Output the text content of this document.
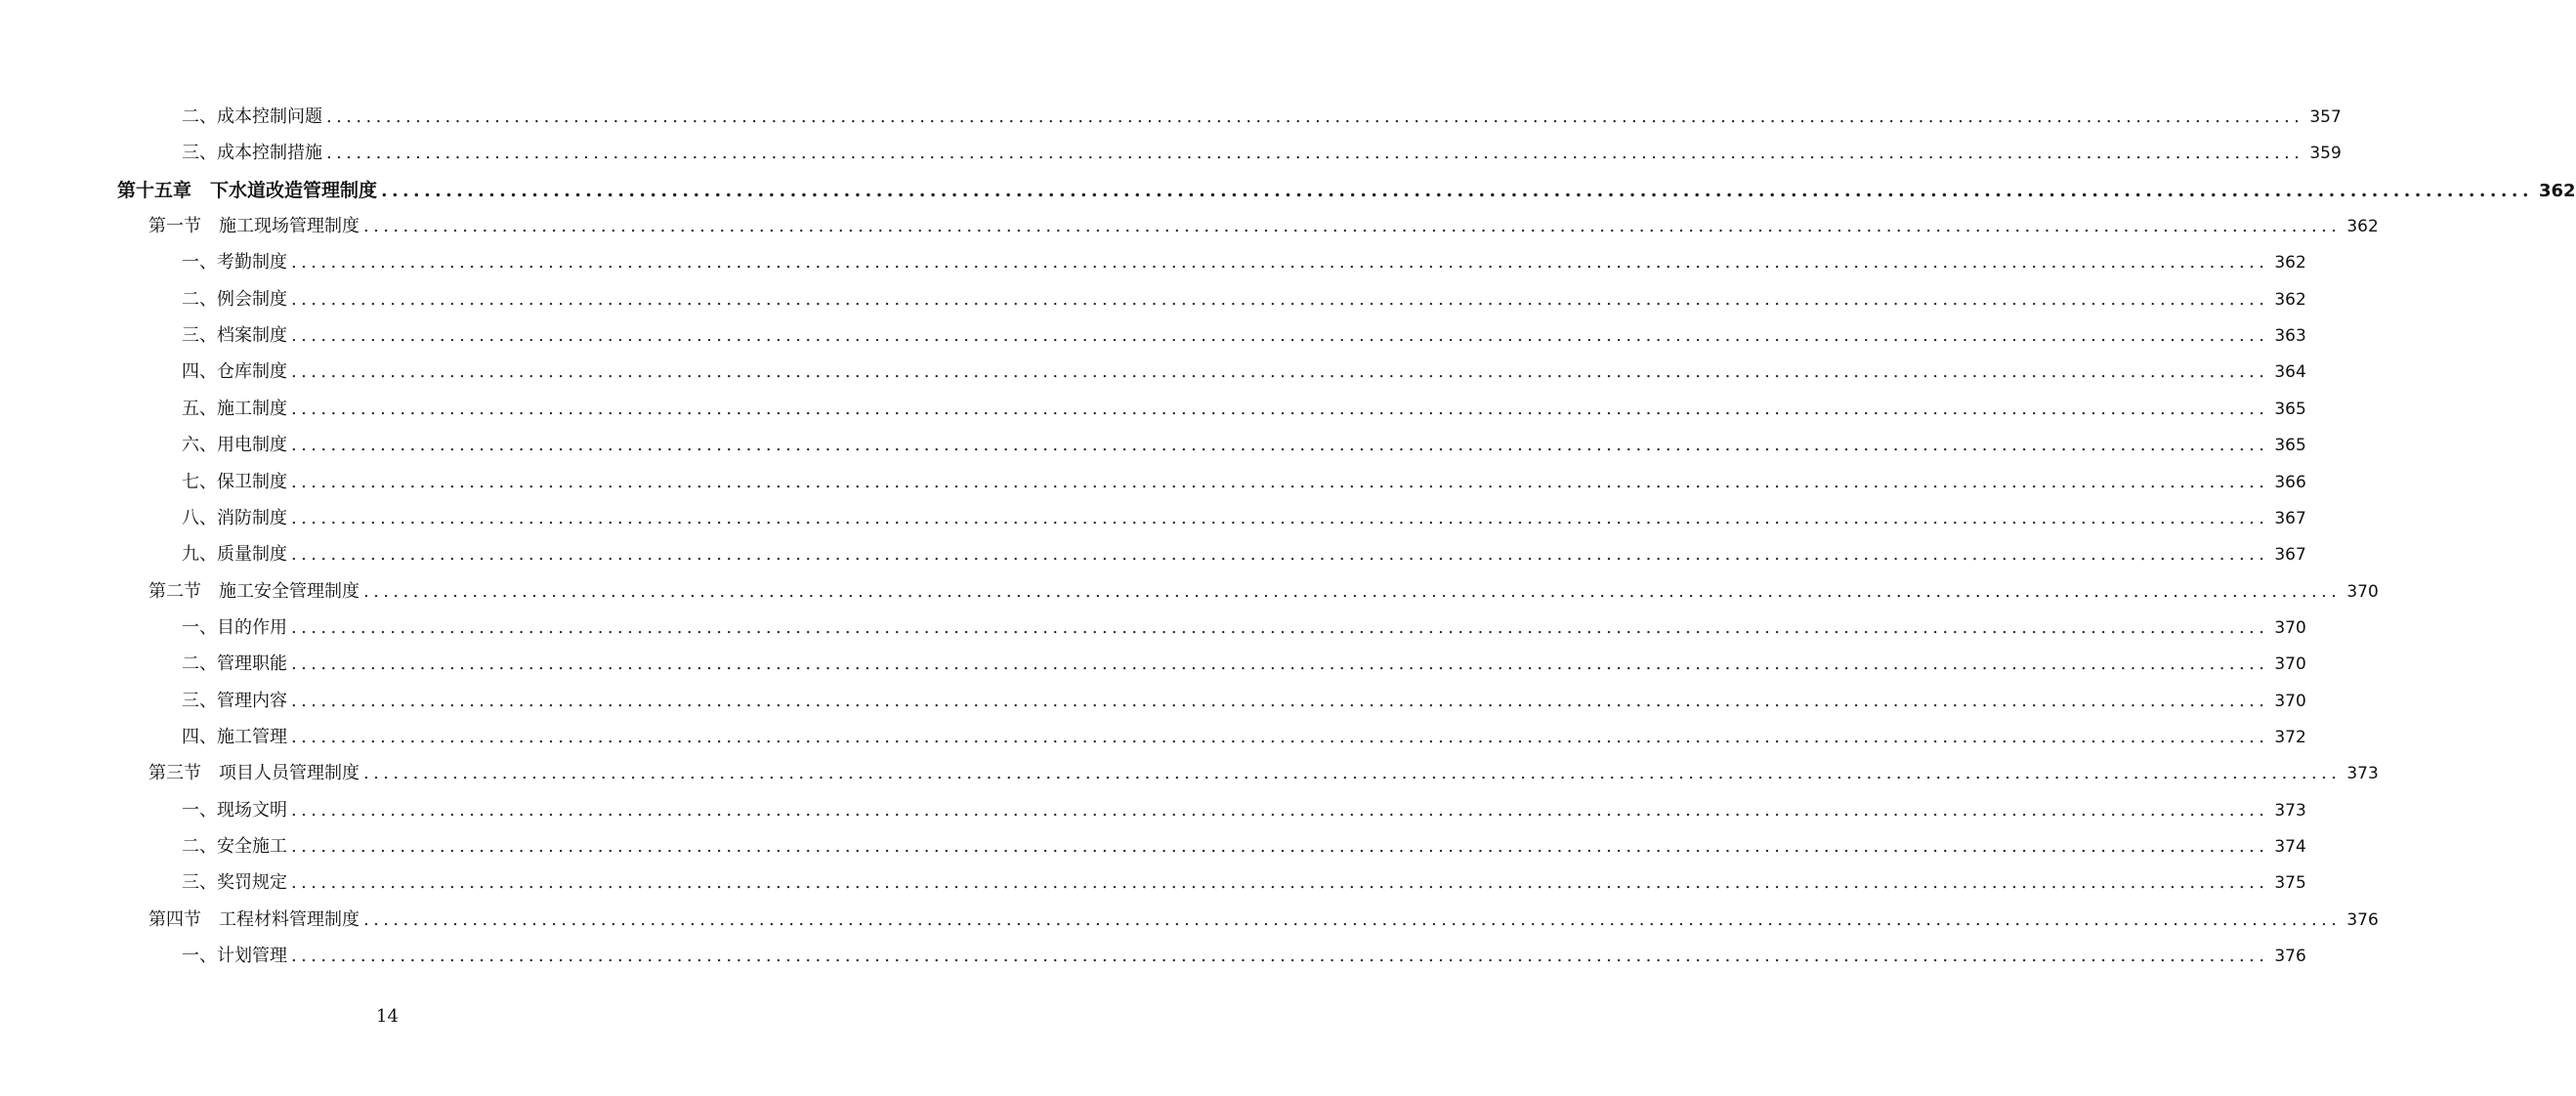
二、成本控制问题 ........................................................................................................................................................................................................ 357
三、成本控制措施 ........................................................................................................................................................................................................ 359
第十五章　下水道改造管理制度 ........................................................................................................................................................................................................ 362
第一节　施工现场管理制度 ........................................................................................................................................................................................................ 362
一、考勤制度 ........................................................................................................................................................................................................ 362
二、例会制度 ........................................................................................................................................................................................................ 362
三、档案制度 ........................................................................................................................................................................................................ 363
四、仓库制度 ........................................................................................................................................................................................................ 364
五、施工制度 ........................................................................................................................................................................................................ 365
六、用电制度 ........................................................................................................................................................................................................ 365
七、保卫制度 ........................................................................................................................................................................................................ 366
八、消防制度 ........................................................................................................................................................................................................ 367
九、质量制度 ........................................................................................................................................................................................................ 367
第二节　施工安全管理制度 ........................................................................................................................................................................................................ 370
一、目的作用 ........................................................................................................................................................................................................ 370
二、管理职能 ........................................................................................................................................................................................................ 370
三、管理内容 ........................................................................................................................................................................................................ 370
四、施工管理 ........................................................................................................................................................................................................ 372
第三节　项目人员管理制度 ........................................................................................................................................................................................................ 373
一、现场文明 ........................................................................................................................................................................................................ 373
二、安全施工 ........................................................................................................................................................................................................ 374
三、奖罚规定 ........................................................................................................................................................................................................ 375
第四节　工程材料管理制度 ........................................................................................................................................................................................................ 376
一、计划管理 ........................................................................................................................................................................................................ 376
14
